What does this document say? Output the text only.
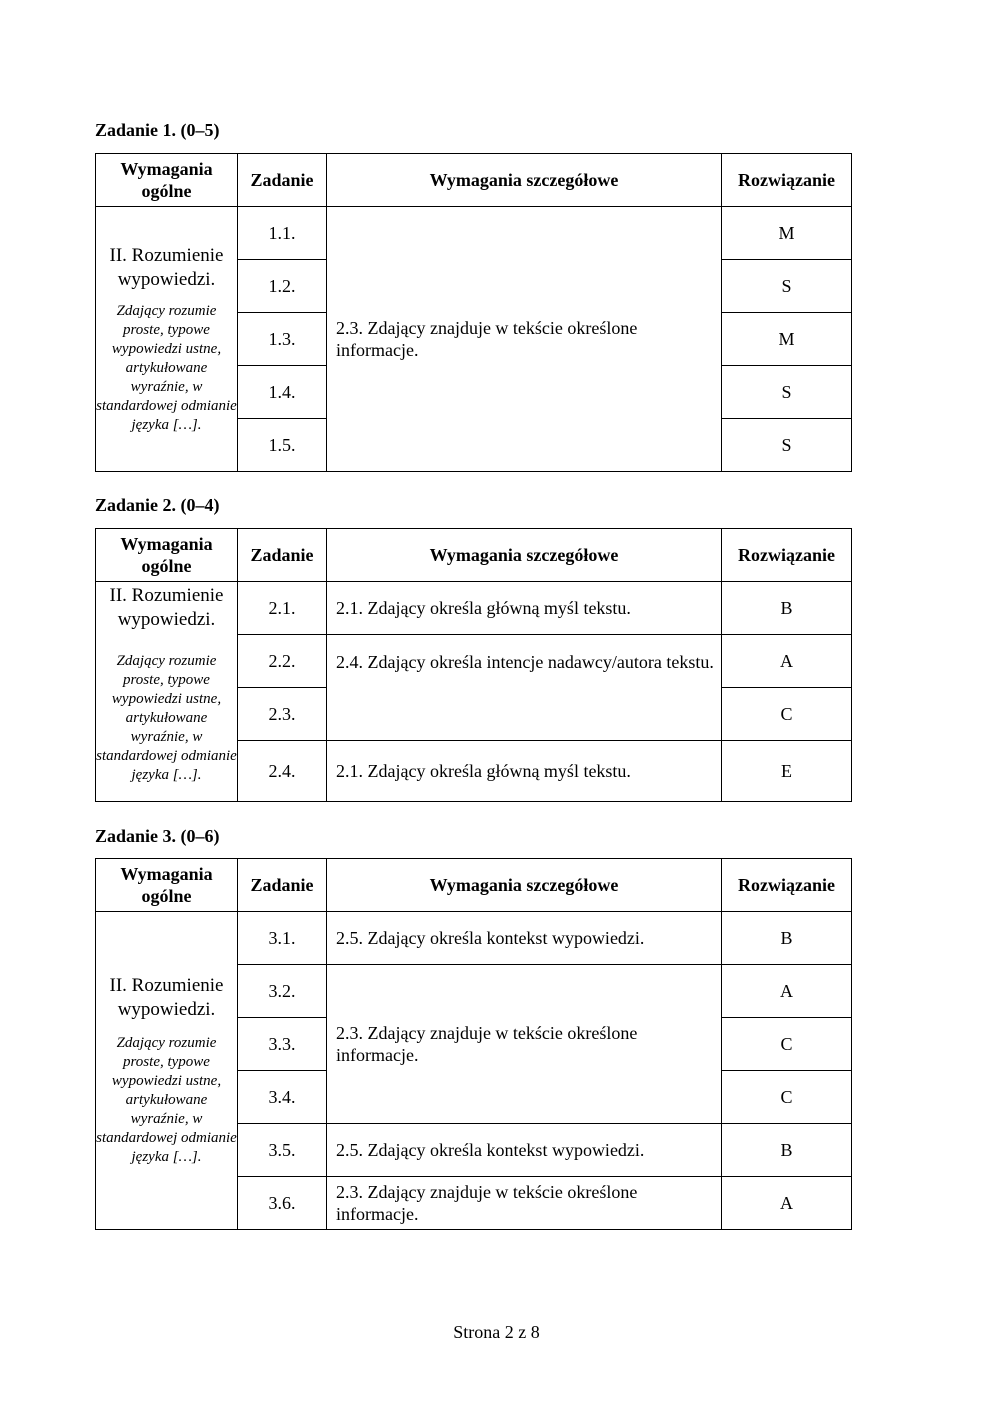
Zadanie 1. (0–5)
Wymagania ogólne	Zadanie	Wymagania szczegółowe	Rozwiązanie

II. Rozumienie wypowiedzi.
Zdający rozumie proste, typowe wypowiedzi ustne, artykułowane wyraźnie, w standardowej odmianie języka […].	1.1.	2.3. Zdający znajduje w tekście określone informacje.	M
	1.2.		S
	1.3.		M
	1.4.		S
	1.5.		S
Zadanie 2. (0–4)
Wymagania ogólne	Zadanie	Wymagania szczegółowe	Rozwiązanie

II. Rozumienie wypowiedzi.
Zdający rozumie proste, typowe wypowiedzi ustne, artykułowane wyraźnie, w standardowej odmianie języka […].	2.1.	2.1. Zdający określa główną myśl tekstu.	B
	2.2.	2.4. Zdający określa intencje nadawcy/autora tekstu.	A
	2.3.		C
	2.4.	2.1. Zdający określa główną myśl tekstu.	E
Zadanie 3. (0–6)
Wymagania ogólne	Zadanie	Wymagania szczegółowe	Rozwiązanie

II. Rozumienie wypowiedzi.
Zdający rozumie proste, typowe wypowiedzi ustne, artykułowane wyraźnie, w standardowej odmianie języka […].	3.1.	2.5. Zdający określa kontekst wypowiedzi.	B
	3.2.	2.3. Zdający znajduje w tekście określone informacje.	A
	3.3.		C
	3.4.		C
	3.5.	2.5. Zdający określa kontekst wypowiedzi.	B
	3.6.	2.3. Zdający znajduje w tekście określone informacje.	A
Strona 2 z 8
